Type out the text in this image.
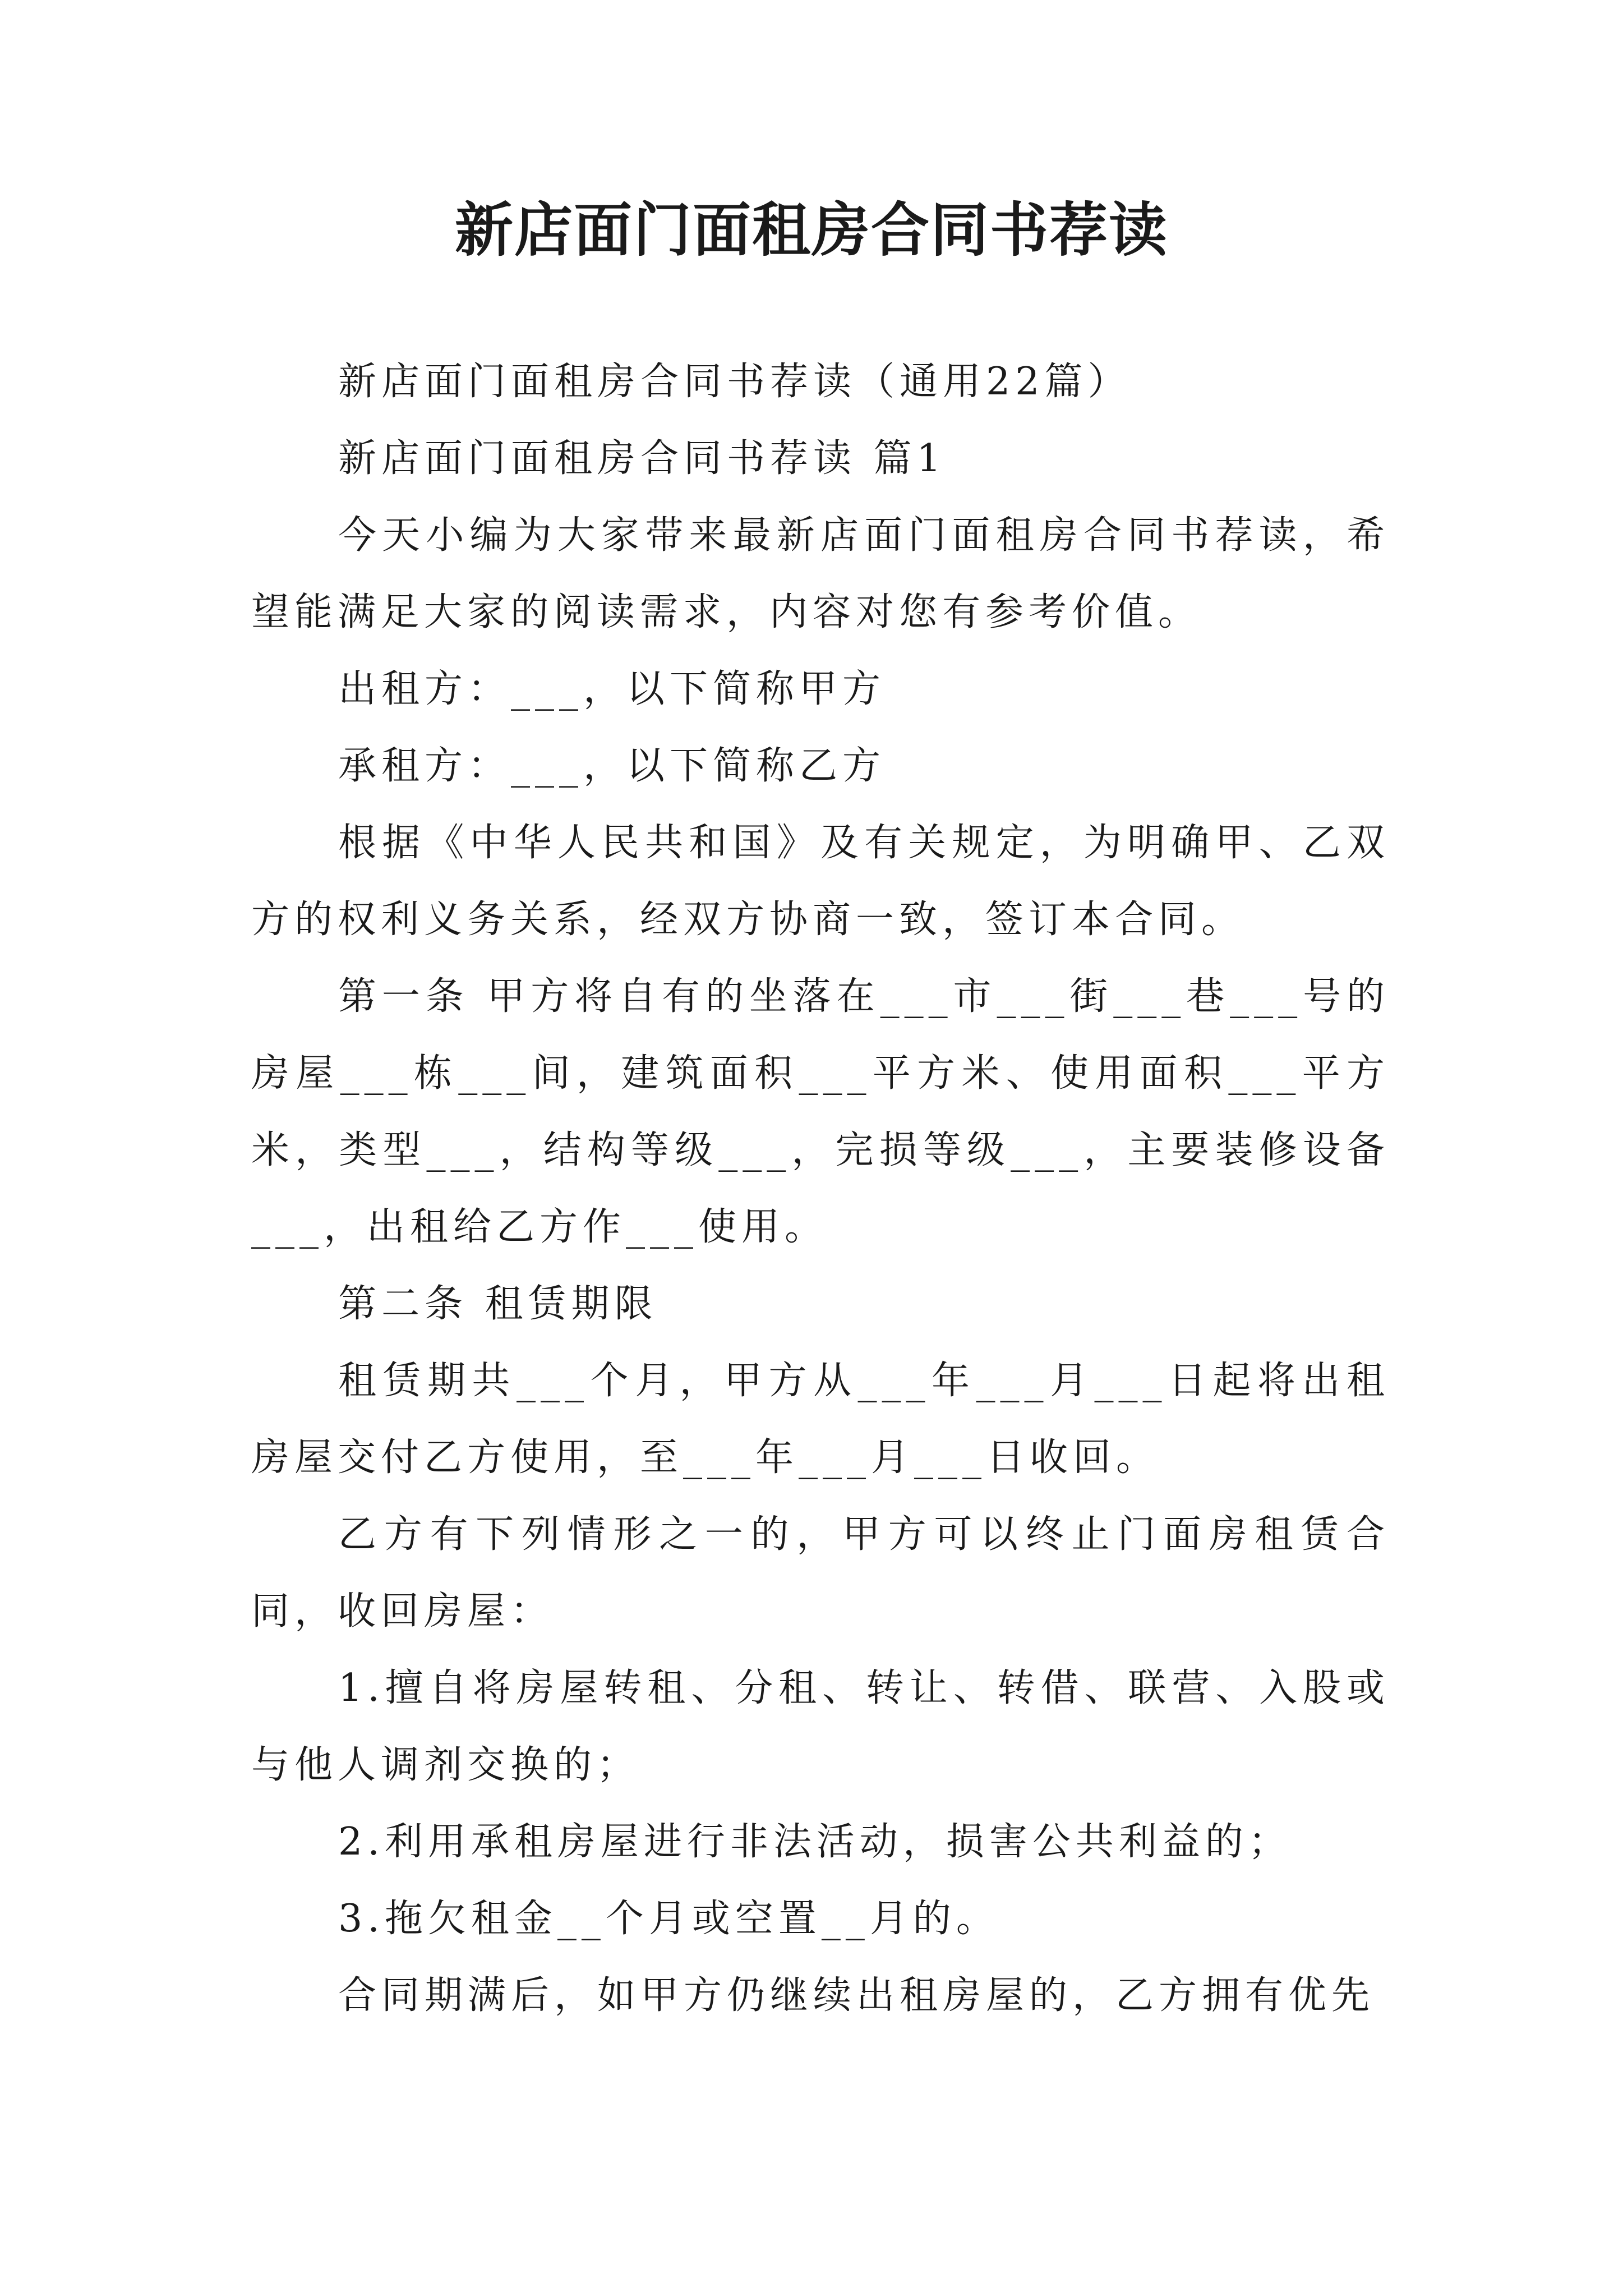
新店面门面租房合同书荐读

新店面门面租房合同书荐读（通用22篇）

新店面门面租房合同书荐读 篇1

今天小编为大家带来最新店面门面租房合同书荐读，希望能满足大家的阅读需求，内容对您有参考价值。

出租方：___，以下简称甲方

承租方：___，以下简称乙方

根据《中华人民共和国》及有关规定，为明确甲、乙双方的权利义务关系，经双方协商一致，签订本合同。

第一条 甲方将自有的坐落在___市___街___巷___号的房屋___栋___间，建筑面积___平方米、使用面积___平方米，类型___，结构等级___，完损等级___，主要装修设备___，出租给乙方作___使用。

第二条 租赁期限

租赁期共___个月，甲方从___年___月___日起将出租房屋交付乙方使用，至___年___月___日收回。

乙方有下列情形之一的，甲方可以终止门面房租赁合同，收回房屋：

1.擅自将房屋转租、分租、转让、转借、联营、入股或与他人调剂交换的；

2.利用承租房屋进行非法活动，损害公共利益的；

3.拖欠租金__个月或空置__月的。

合同期满后，如甲方仍继续出租房屋的，乙方拥有优先
